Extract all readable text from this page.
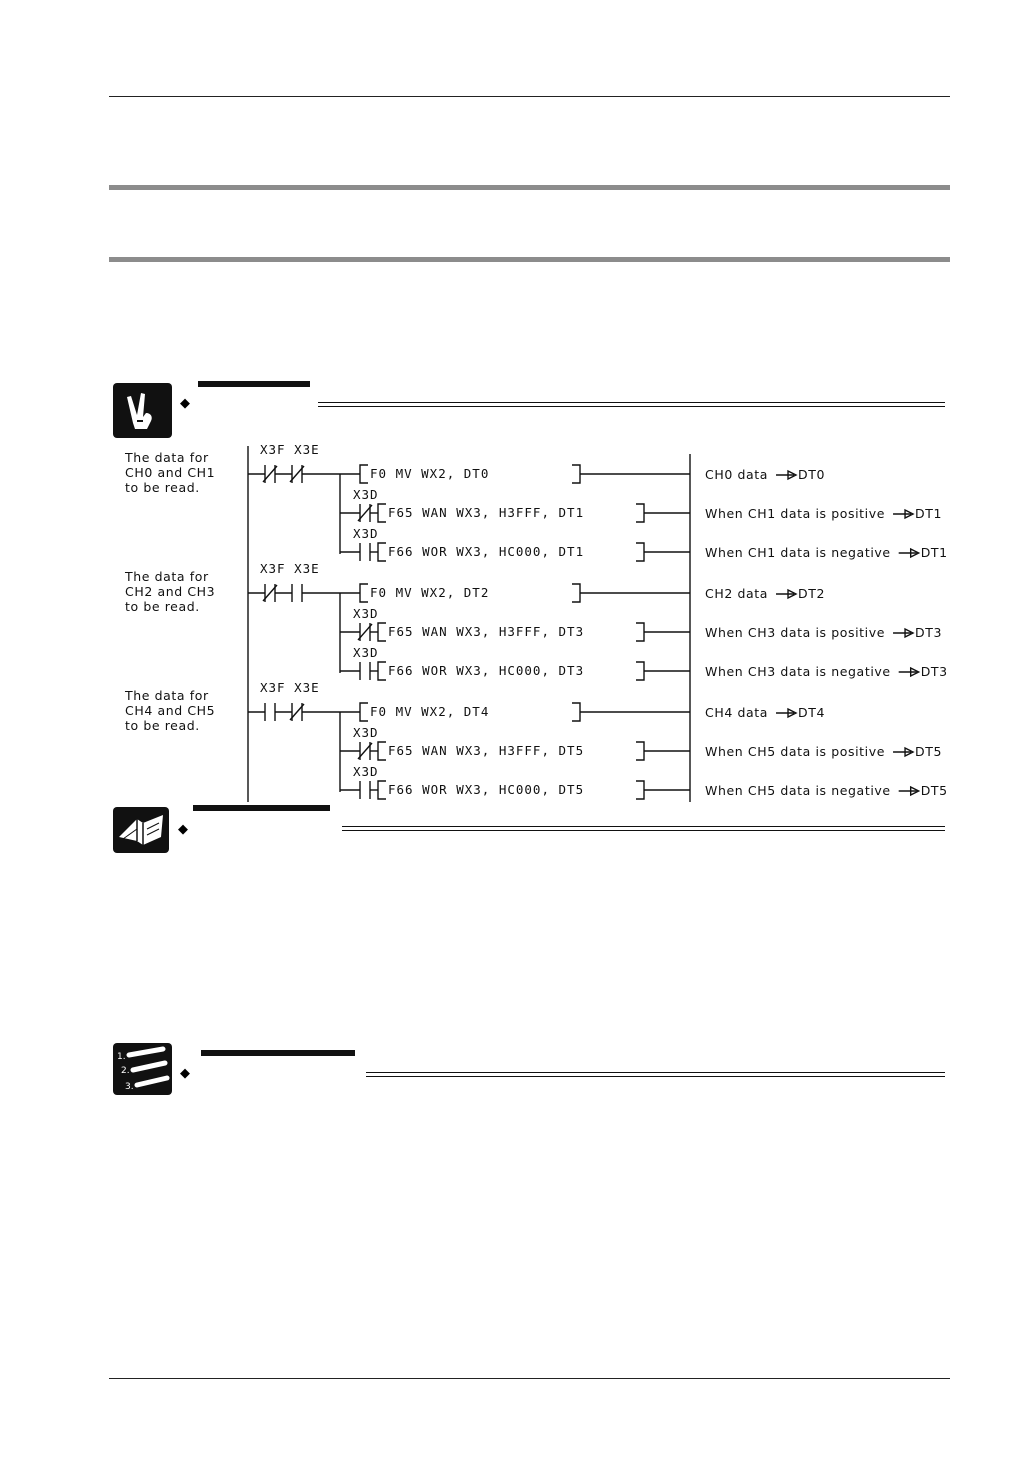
◆
The data for
CH0 and CH1
to be read.
X3F X3E
F0 MV WX2, DT0	CH0 data DT0
X3D
F65 WAN WX3, H3FFF, DT1	When CH1 data is positive DT1
X3D
F66 WOR WX3, HC000, DT1	When CH1 data is negative DT1
The data for
CH2 and CH3
to be read.
X3F X3E
F0 MV WX2, DT2	CH2 data DT2
X3D
F65 WAN WX3, H3FFF, DT3	When CH3 data is positive DT3
X3D
F66 WOR WX3, HC000, DT3	When CH3 data is negative DT3
The data for
CH4 and CH5
to be read.
X3F X3E
F0 MV WX2, DT4	CH4 data DT4
X3D
F65 WAN WX3, H3FFF, DT5	When CH5 data is positive DT5
X3D
F66 WOR WX3, HC000, DT5	When CH5 data is negative DT5
◆
1.
2.
3.
◆
